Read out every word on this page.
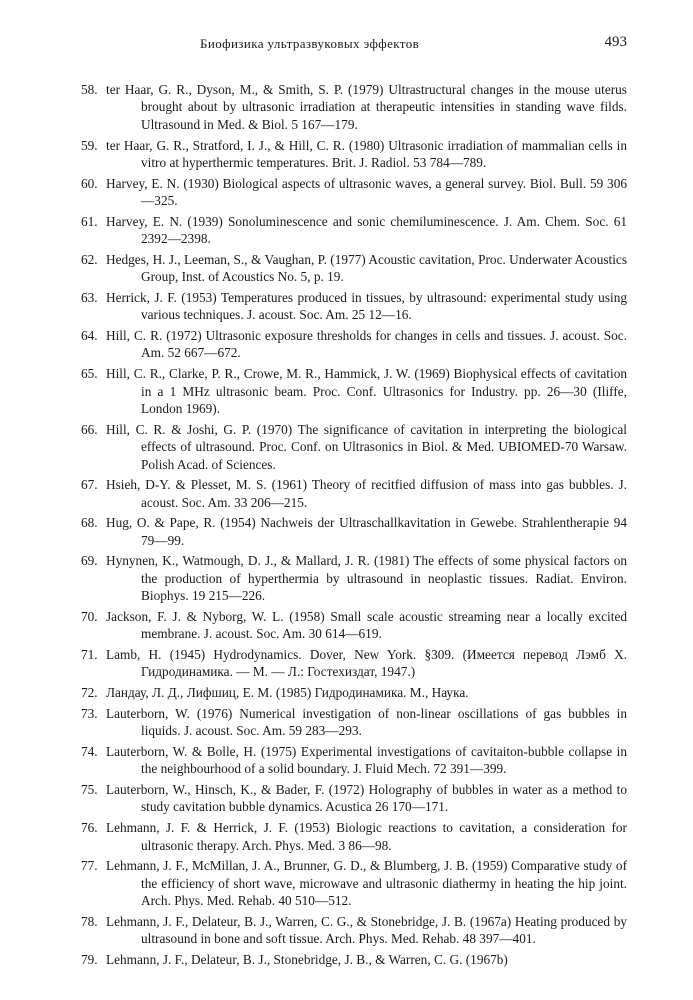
Биофизика ультразвуковых эффектов	493
58. ter Haar, G. R., Dyson, M., & Smith, S. P. (1979) Ultrastructural changes in the mouse uterus brought about by ultrasonic irradiation at therapeutic intensities in standing wave filds. Ultrasound in Med. & Biol. 5 167—179.
59. ter Haar, G. R., Stratford, I. J., & Hill, C. R. (1980) Ultrasonic irradiation of mammalian cells in vitro at hyperthermic temperatures. Brit. J. Radiol. 53 784—789.
60. Harvey, E. N. (1930) Biological aspects of ultrasonic waves, a general survey. Biol. Bull. 59 306—325.
61. Harvey, E. N. (1939) Sonoluminescence and sonic chemiluminescence. J. Am. Chem. Soc. 61 2392—2398.
62. Hedges, H. J., Leeman, S., & Vaughan, P. (1977) Acoustic cavitation, Proc. Underwater Acoustics Group, Inst. of Acoustics No. 5, p. 19.
63. Herrick, J. F. (1953) Temperatures produced in tissues, by ultrasound: experimental study using various techniques. J. acoust. Soc. Am. 25 12—16.
64. Hill, C. R. (1972) Ultrasonic exposure thresholds for changes in cells and tissues. J. acoust. Soc. Am. 52 667—672.
65. Hill, C. R., Clarke, P. R., Crowe, M. R., Hammick, J. W. (1969) Biophysical effects of cavitation in a 1 MHz ultrasonic beam. Proc. Conf. Ultrasonics for Industry. pp. 26—30 (Iliffe, London 1969).
66. Hill, C. R. & Joshi, G. P. (1970) The significance of cavitation in interpreting the biological effects of ultrasound. Proc. Conf. on Ultrasonics in Biol. & Med. UBIOMED-70 Warsaw. Polish Acad. of Sciences.
67. Hsieh, D-Y. & Plesset, M. S. (1961) Theory of recitfied diffusion of mass into gas bubbles. J. acoust. Soc. Am. 33 206—215.
68. Hug, O. & Pape, R. (1954) Nachweis der Ultraschallkavitation in Gewebe. Strahlentherapie 94 79—99.
69. Hynynen, K., Watmough, D. J., & Mallard, J. R. (1981) The effects of some physical factors on the production of hyperthermia by ultrasound in neoplastic tissues. Radiat. Environ. Biophys. 19 215—226.
70. Jackson, F. J. & Nyborg, W. L. (1958) Small scale acoustic streaming near a locally excited membrane. J. acoust. Soc. Am. 30 614—619.
71. Lamb, H. (1945) Hydrodynamics. Dover, New York. §309. (Имеется перевод Лэмб Х. Гидродинамика. — М. — Л.: Гостехиздат, 1947.)
72. Ландау, Л. Д., Лифшиц, Е. М. (1985) Гидродинамика. М., Наука.
73. Lauterborn, W. (1976) Numerical investigation of non-linear oscillations of gas bubbles in liquids. J. acoust. Soc. Am. 59 283—293.
74. Lauterborn, W. & Bolle, H. (1975) Experimental investigations of cavitaiton-bubble collapse in the neighbourhood of a solid boundary. J. Fluid Mech. 72 391—399.
75. Lauterborn, W., Hinsch, K., & Bader, F. (1972) Holography of bubbles in water as a method to study cavitation bubble dynamics. Acustica 26 170—171.
76. Lehmann, J. F. & Herrick, J. F. (1953) Biologic reactions to cavitation, a consideration for ultrasonic therapy. Arch. Phys. Med. 3 86—98.
77. Lehmann, J. F., McMillan, J. A., Brunner, G. D., & Blumberg, J. B. (1959) Comparative study of the efficiency of short wave, microwave and ultrasonic diathermy in heating the hip joint. Arch. Phys. Med. Rehab. 40 510—512.
78. Lehmann, J. F., Delateur, B. J., Warren, C. G., & Stonebridge, J. B. (1967a) Heating produced by ultrasound in bone and soft tissue. Arch. Phys. Med. Rehab. 48 397—401.
79. Lehmann, J. F., Delateur, B. J., Stonebridge, J. B., & Warren, C. G. (1967b)
